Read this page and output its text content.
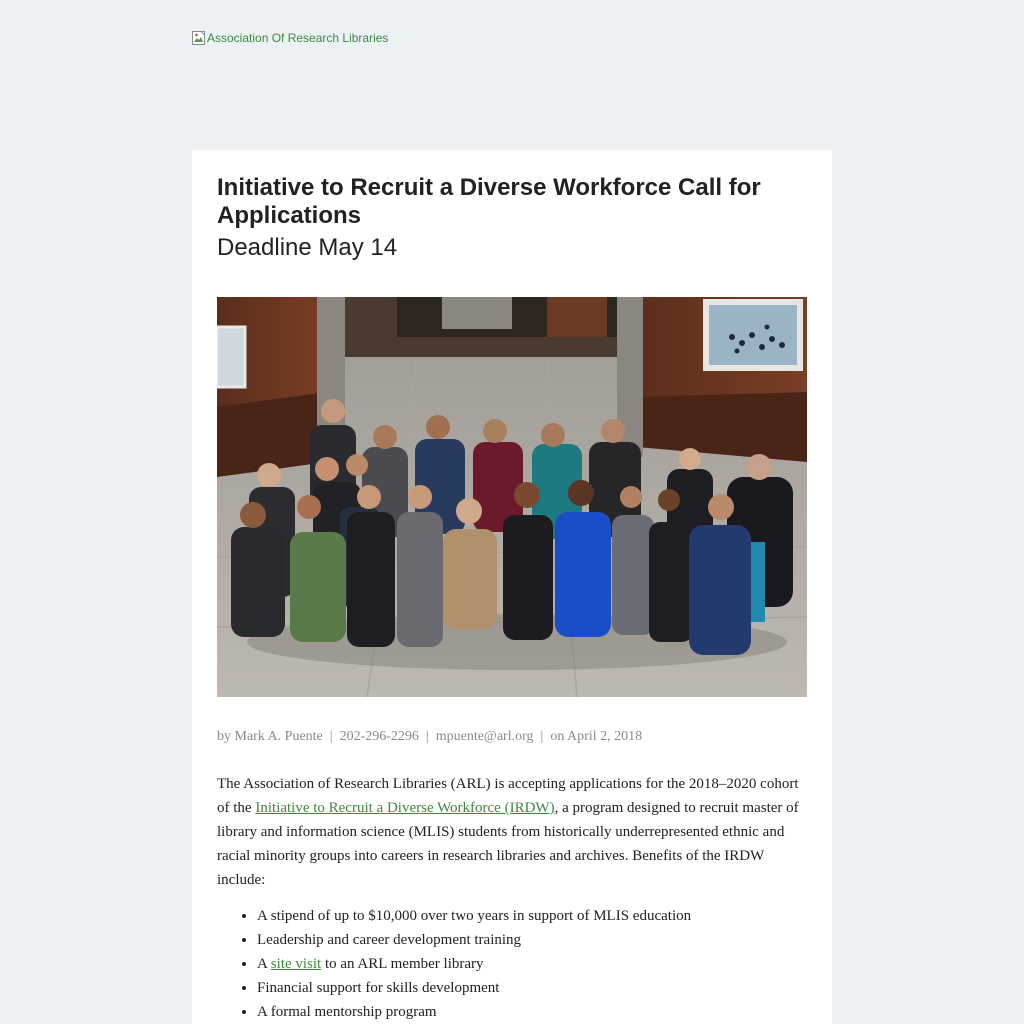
Association Of Research Libraries
Initiative to Recruit a Diverse Workforce Call for Applications
Deadline May 14
by Mark A. Puente | 202-296-2296 | mpuente@arl.org | on April 2, 2018

The Association of Research Libraries (ARL) is accepting applications for the 2018–2020 cohort of the Initiative to Recruit a Diverse Workforce (IRDW), a program designed to recruit master of library and information science (MLIS) students from historically underrepresented ethnic and racial minority groups into careers in research libraries and archives. Benefits of the IRDW include:

• A stipend of up to $10,000 over two years in support of MLIS education
• Leadership and career development training
• A site visit to an ARL member library
• Financial support for skills development
• A formal mentorship program
